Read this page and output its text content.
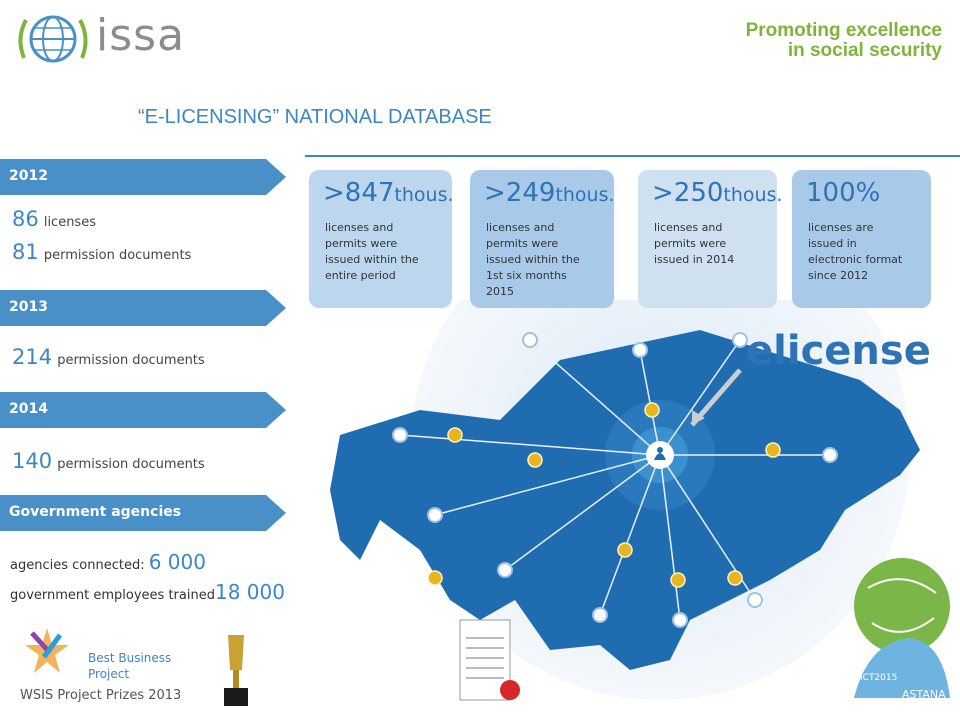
issa	Promoting excellence
in social security
“E-LICENSING” NATIONAL DATABASE
elicense
>847thous.
licenses and permits were issued within the entire period
>249thous.
licenses and permits were issued within the 1st six months 2015
>250thous.
licenses and permits were issued in 2014
100%
licenses are issued in electronic format since 2012
2012
86 licenses
81 permission documents
2013
214 permission documents
2014
140 permission documents
Government agencies
agencies connected: 6 000
government employees trained18 000
Best Business
Project
WSIS Project Prizes 2013
ICT2015
ASTANA
